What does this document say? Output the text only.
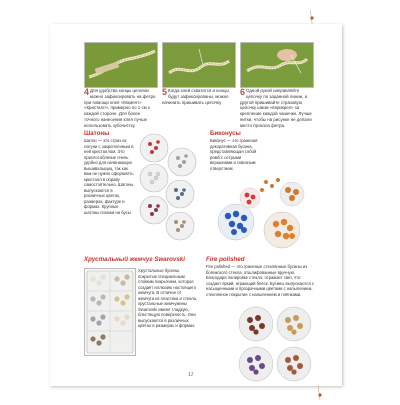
4 Для удобства концы цепочки можно зафиксировать на фетре при помощи клея «Момент» «Кристалл», примерно по 1 см к каждой стороне. Для более точного нанесения клея лучше использовать зубочистку
5 Когда клей схватится и концы будут зафиксированы, можно начинать пришивать цепочку
6 Одной рукой направляйте цепочку по заданной линии, а другой пришивайте стразовую цепочку швом «вприкреп» за крепление каждой чашечки. Лучше нитки, чтобы на рисунке не делали место прокола фетра.
Шатоны
Шатон — это страз из латуни с закрепленным в ней кристаллом. Это приспособление очень удобно для начинающих вышивальщиц, так как вам не нужно оформлять кристалл в оправу самостоятельно. Шатоны выпускаются в различных цветах, размерах, фактуре и формах. Крупные шатоны похожи на бусы
Биконусы
Биконус — это граненая декоративная бусина, представляющая собой ромб с острыми вершинами и сквозным отверстием.
Хрустальный жемчуг Swarovski
Хрустальные бусины, покрытые специальным стойким покрытием, которое создаёт иллюзию настоящего жемчуга. В отличие от жемчуга из пластика и стекла, хрустальные жемчужины Swarovski имеют гладкую, блестящую поверхность. Они выпускаются в различных цветах и размерах и формах.
Fire polished
Fire polished — это граненые стеклянные бусины из богемского стекла, отшлифованные вручную. Благодаря полировке стекло, отражает свет, что создает яркий, играющий блеск. Бусины выпускаются с насыщенными и прозрачными цветами с напылением, стеклянное покрытие с напылением и плёнками.
11
